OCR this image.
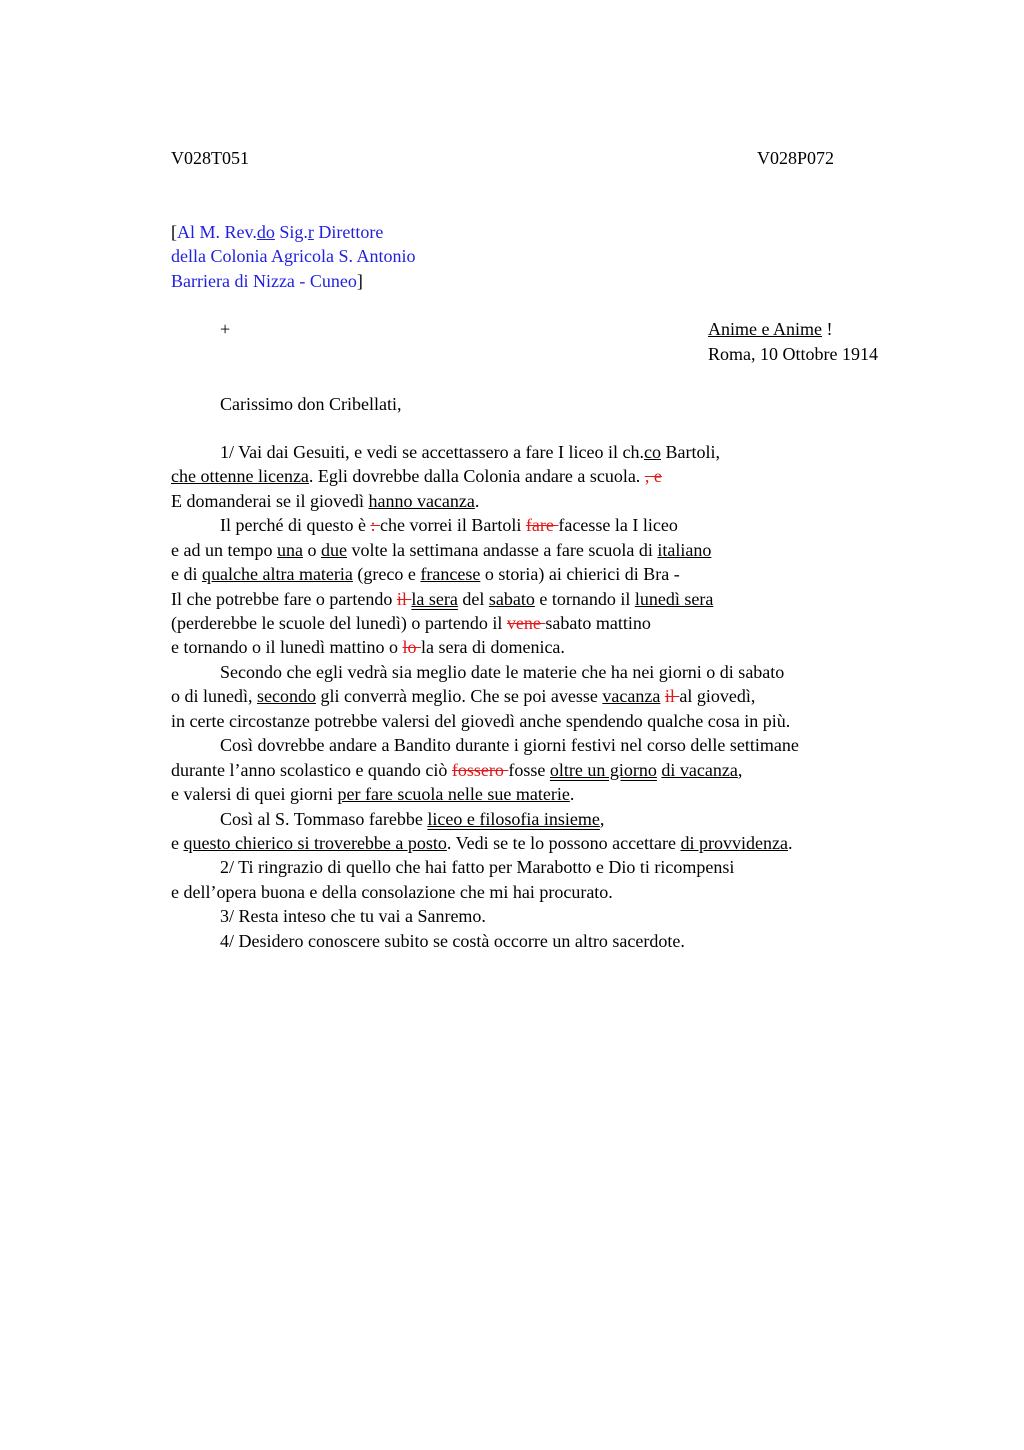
V028T051	V028P072
[Al M. Rev.do Sig.r Direttore
della Colonia Agricola S. Antonio
Barriera di Nizza - Cuneo]
+	Anime e Anime !
Roma, 10 Ottobre 1914
Carissimo don Cribellati,
1/ Vai dai Gesuiti, e vedi se accettassero a fare I liceo il ch.co Bartoli,
che ottenne licenza. Egli dovrebbe dalla Colonia andare a scuola. , e
E domanderai se il giovedì hanno vacanza.
Il perché di questo è : che vorrei il Bartoli fare facesse la I liceo
e ad un tempo una o due volte la settimana andasse a fare scuola di italiano
e di qualche altra materia (greco e francese o storia) ai chierici di Bra -
Il che potrebbe fare o partendo il la sera del sabato e tornando il lunedì sera
(perderebbe le scuole del lunedì) o partendo il vene sabato mattino
e tornando o il lunedì mattino o lo la sera di domenica.
Secondo che egli vedrà sia meglio date le materie che ha nei giorni o di sabato
o di lunedì, secondo gli converrà meglio. Che se poi avesse vacanza il al giovedì,
in certe circostanze potrebbe valersi del giovedì anche spendendo qualche cosa in più.
Così dovrebbe andare a Bandito durante i giorni festivi nel corso delle settimane
durante l’anno scolastico e quando ciò fossero fosse oltre un giorno di vacanza,
e valersi di quei giorni per fare scuola nelle sue materie.
Così al S. Tommaso farebbe liceo e filosofia insieme,
e questo chierico si troverebbe a posto. Vedi se te lo possono accettare di provvidenza.
2/ Ti ringrazio di quello che hai fatto per Marabotto e Dio ti ricompensi
e dell’opera buona e della consolazione che mi hai procurato.
3/ Resta inteso che tu vai a Sanremo.
4/ Desidero conoscere subito se costà occorre un altro sacerdote.
